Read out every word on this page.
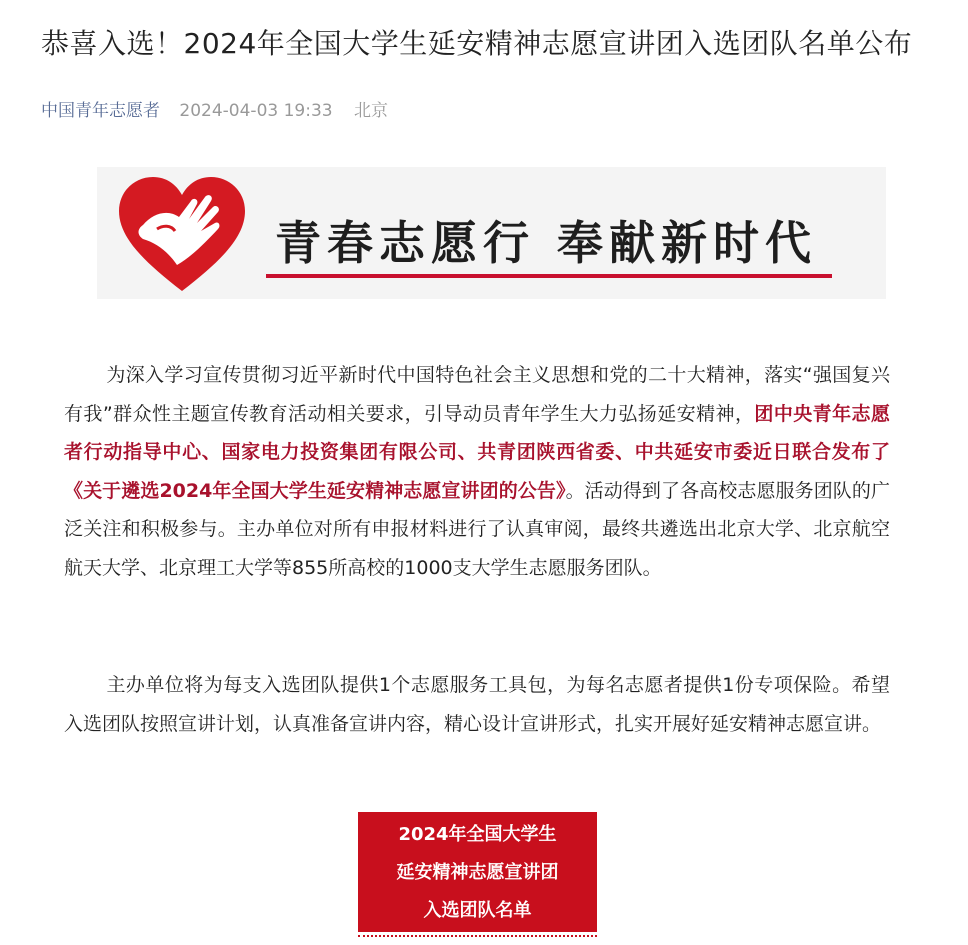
恭喜入选！2024年全国大学生延安精神志愿宣讲团入选团队名单公布
中国青年志愿者 2024-04-03 19:33 北京
青春志愿行 奉献新时代

为深入学习宣传贯彻习近平新时代中国特色社会主义思想和党的二十大精神，落实“强国复兴有我”群众性主题宣传教育活动相关要求，引导动员青年学生大力弘扬延安精神，团中央青年志愿者行动指导中心、国家电力投资集团有限公司、共青团陕西省委、中共延安市委近日联合发布了《关于遴选2024年全国大学生延安精神志愿宣讲团的公告》。活动得到了各高校志愿服务团队的广泛关注和积极参与。主办单位对所有申报材料进行了认真审阅，最终共遴选出北京大学、北京航空航天大学、北京理工大学等855所高校的1000支大学生志愿服务团队。

主办单位将为每支入选团队提供1个志愿服务工具包，为每名志愿者提供1份专项保险。希望入选团队按照宣讲计划，认真准备宣讲内容，精心设计宣讲形式，扎实开展好延安精神志愿宣讲。

2024年全国大学生
延安精神志愿宣讲团
入选团队名单
